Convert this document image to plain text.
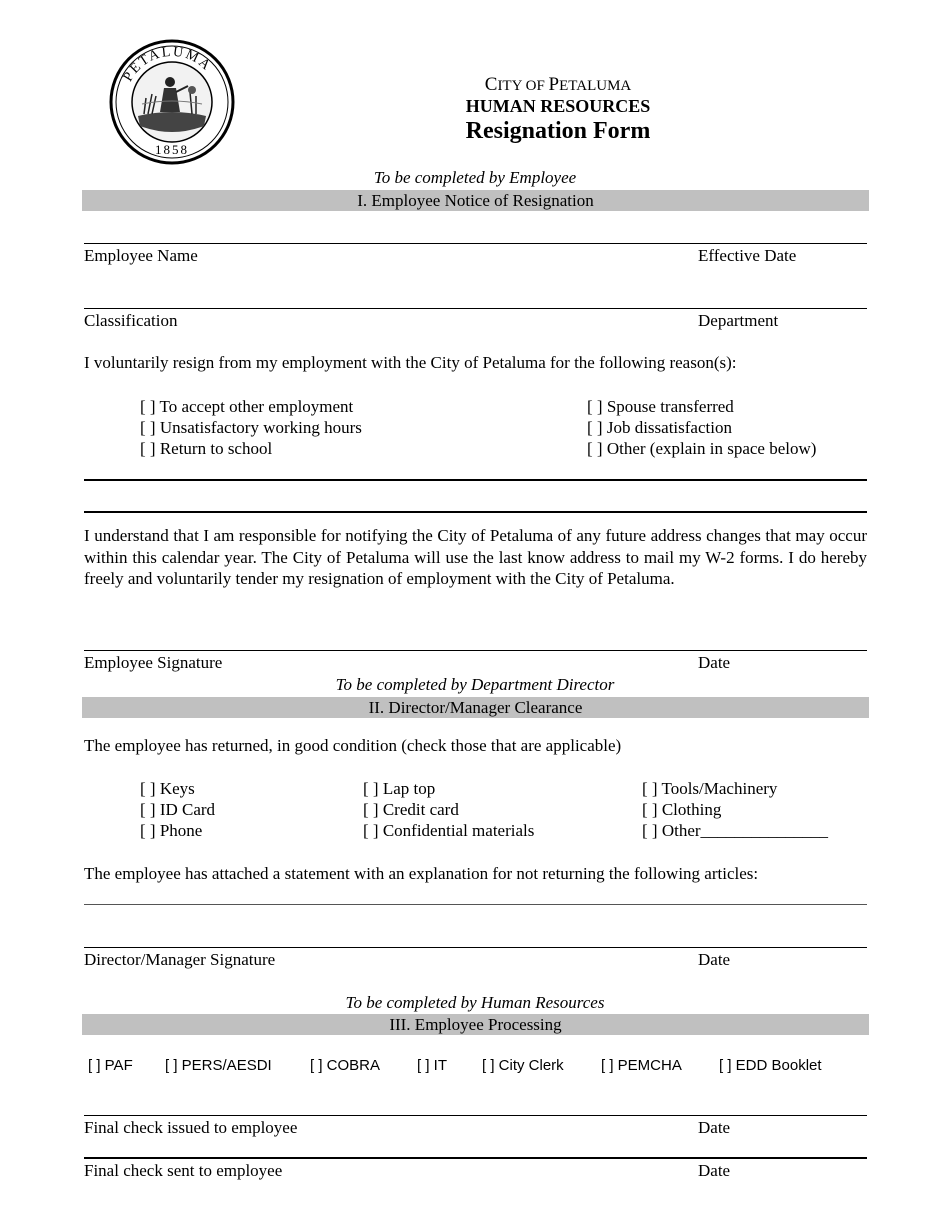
PETALUMA
1858
CITY OF PETALUMA
HUMAN RESOURCES
Resignation Form
To be completed by Employee
I. Employee Notice of Resignation
Employee Name	Effective Date
Classification	Department
I voluntarily resign from my employment with the City of Petaluma for the following reason(s):
[ ] To accept other employment
[ ] Unsatisfactory working hours
[ ] Return to school
[ ] Spouse transferred
[ ] Job dissatisfaction
[ ] Other (explain in space below)
I understand that I am responsible for notifying the City of Petaluma of any future address changes that may occur within this calendar year. The City of Petaluma will use the last know address to mail my W-2 forms. I do hereby freely and voluntarily tender my resignation of employment with the City of Petaluma.
Employee Signature	Date
To be completed by Department Director
II. Director/Manager Clearance
The employee has returned, in good condition (check those that are applicable)
[ ] Keys
[ ] ID Card
[ ] Phone
[ ] Lap top
[ ] Credit card
[ ] Confidential materials
[ ] Tools/Machinery
[ ] Clothing
[ ] Other_______________
The employee has attached a statement with an explanation for not returning the following articles:
Director/Manager Signature	Date
To be completed by Human Resources
III. Employee Processing
[ ] PAF [ ] PERS/AESDI	[ ] COBRA [ ] IT [ ] City Clerk [ ] PEMCHA [ ] EDD Booklet
Final check issued to employee	Date
Final check sent to employee	Date
